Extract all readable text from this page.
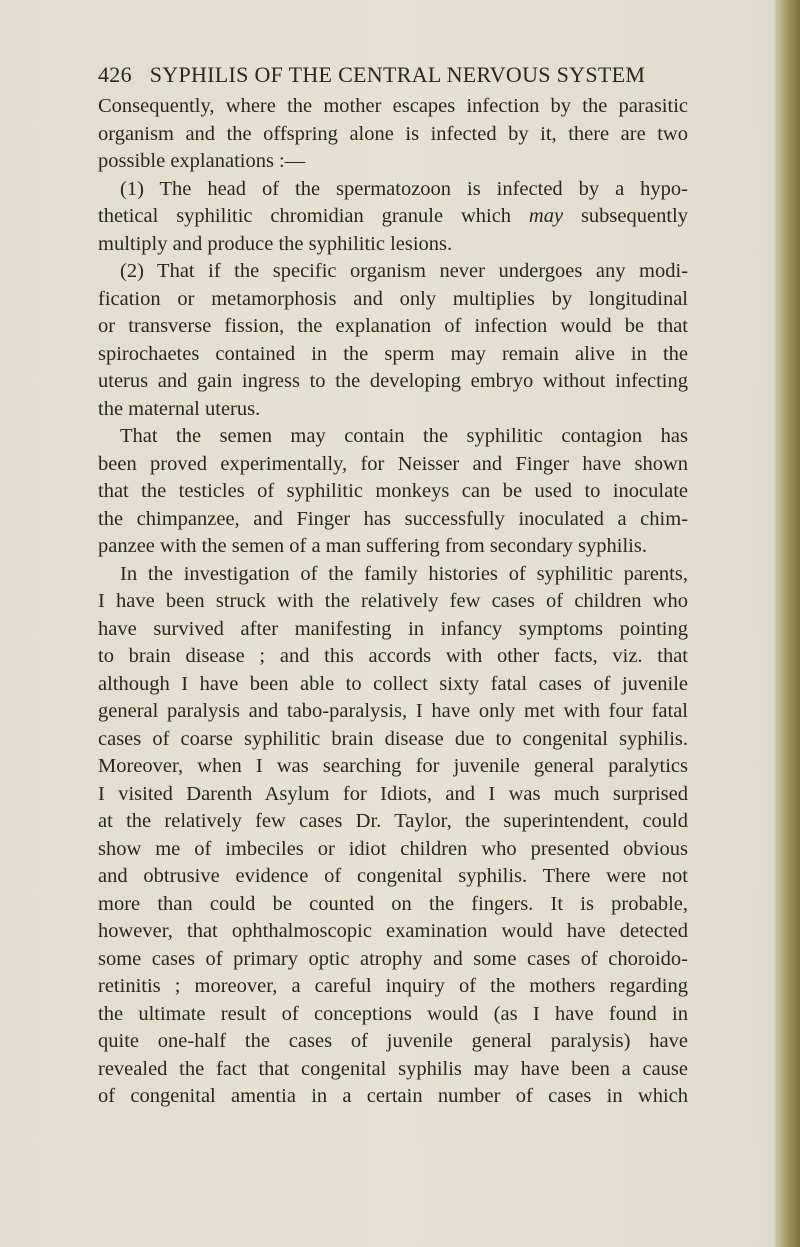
426 SYPHILIS OF THE CENTRAL NERVOUS SYSTEM
Consequently, where the mother escapes infection by the parasitic
organism and the offspring alone is infected by it, there are two
possible explanations :—
(1) The head of the spermatozoon is infected by a hypo-
thetical syphilitic chromidian granule which may subsequently
multiply and produce the syphilitic lesions.
(2) That if the specific organism never undergoes any modi-
fication or metamorphosis and only multiplies by longitudinal
or transverse fission, the explanation of infection would be that
spirochaetes contained in the sperm may remain alive in the
uterus and gain ingress to the developing embryo without infecting
the maternal uterus.
That the semen may contain the syphilitic contagion has
been proved experimentally, for Neisser and Finger have shown
that the testicles of syphilitic monkeys can be used to inoculate
the chimpanzee, and Finger has successfully inoculated a chim-
panzee with the semen of a man suffering from secondary syphilis.
In the investigation of the family histories of syphilitic parents,
I have been struck with the relatively few cases of children who
have survived after manifesting in infancy symptoms pointing
to brain disease ; and this accords with other facts, viz. that
although I have been able to collect sixty fatal cases of juvenile
general paralysis and tabo-paralysis, I have only met with four fatal
cases of coarse syphilitic brain disease due to congenital syphilis.
Moreover, when I was searching for juvenile general paralytics
I visited Darenth Asylum for Idiots, and I was much surprised
at the relatively few cases Dr. Taylor, the superintendent, could
show me of imbeciles or idiot children who presented obvious
and obtrusive evidence of congenital syphilis. There were not
more than could be counted on the fingers. It is probable,
however, that ophthalmoscopic examination would have detected
some cases of primary optic atrophy and some cases of choroido-
retinitis ; moreover, a careful inquiry of the mothers regarding
the ultimate result of conceptions would (as I have found in
quite one-half the cases of juvenile general paralysis) have
revealed the fact that congenital syphilis may have been a cause
of congenital amentia in a certain number of cases in which
